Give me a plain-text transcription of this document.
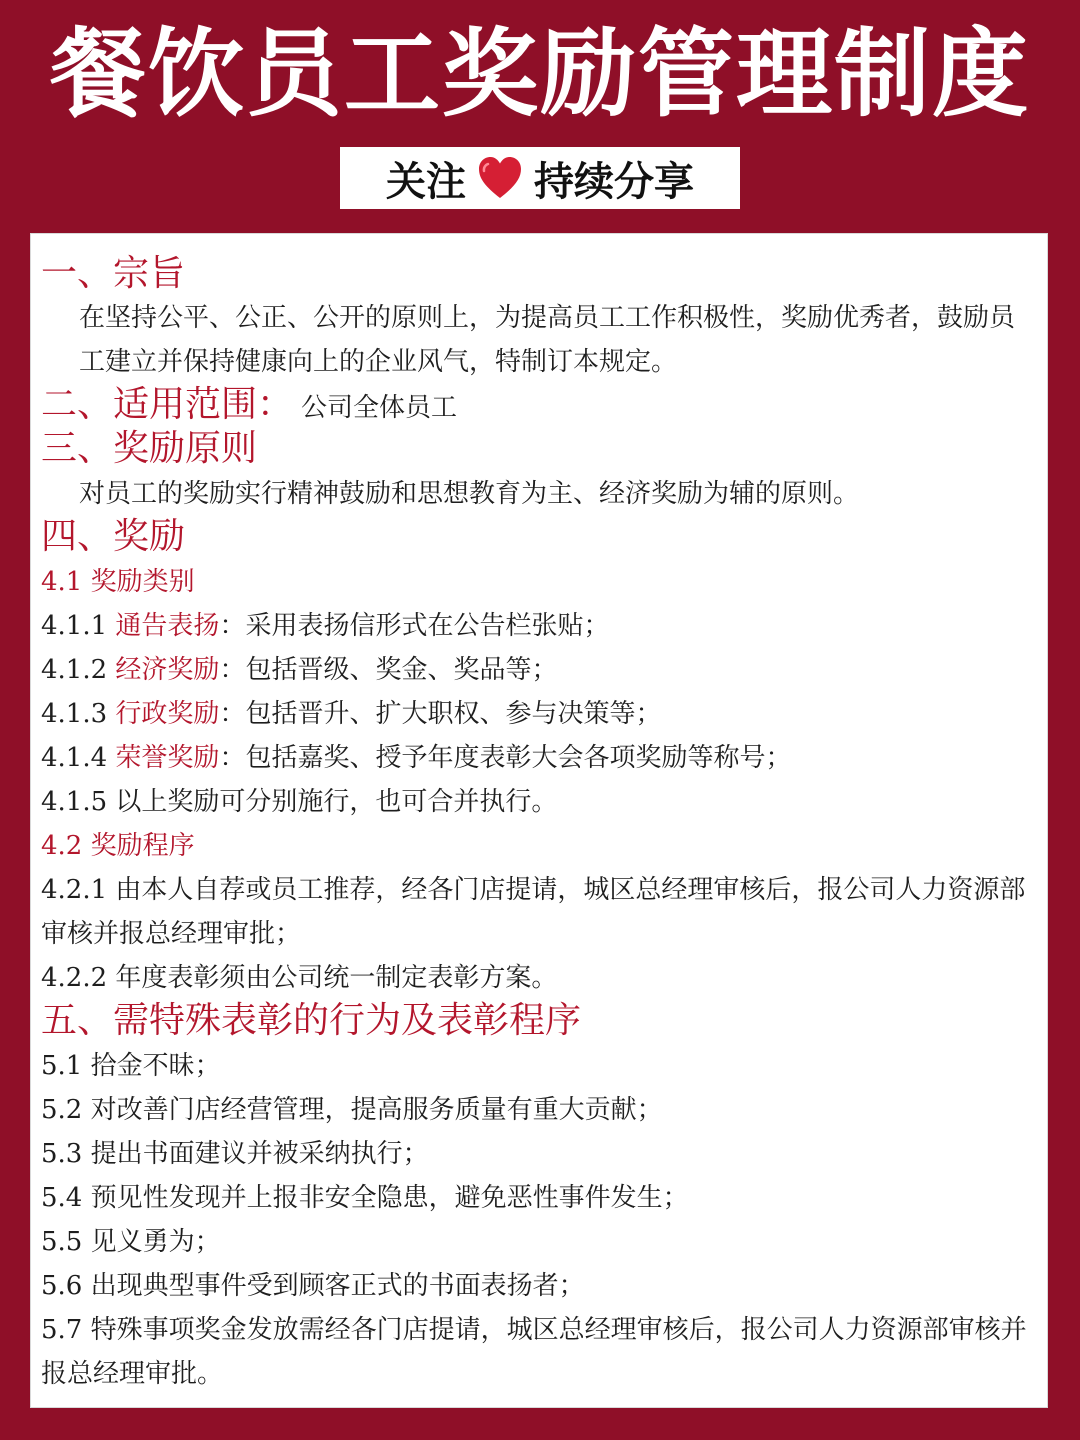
餐饮员工奖励管理制度
关注 持续分享
一、宗旨
在坚持公平、公正、公开的原则上，为提高员工工作积极性，奖励优秀者，鼓励员
工建立并保持健康向上的企业风气，特制订本规定。
二、适用范围： 公司全体员工
三、奖励原则
对员工的奖励实行精神鼓励和思想教育为主、经济奖励为辅的原则。
四、奖励
4.1 奖励类别
4.1.1 通告表扬：采用表扬信形式在公告栏张贴；
4.1.2 经济奖励：包括晋级、奖金、奖品等；
4.1.3 行政奖励：包括晋升、扩大职权、参与决策等；
4.1.4 荣誉奖励：包括嘉奖、授予年度表彰大会各项奖励等称号；
4.1.5 以上奖励可分别施行，也可合并执行。
4.2 奖励程序
4.2.1 由本人自荐或员工推荐，经各门店提请，城区总经理审核后，报公司人力资源部
审核并报总经理审批；
4.2.2 年度表彰须由公司统一制定表彰方案。
五、需特殊表彰的行为及表彰程序
5.1 拾金不昧；
5.2 对改善门店经营管理，提高服务质量有重大贡献；
5.3 提出书面建议并被采纳执行；
5.4 预见性发现并上报非安全隐患，避免恶性事件发生；
5.5 见义勇为；
5.6 出现典型事件受到顾客正式的书面表扬者；
5.7 特殊事项奖金发放需经各门店提请，城区总经理审核后，报公司人力资源部审核并
报总经理审批。
